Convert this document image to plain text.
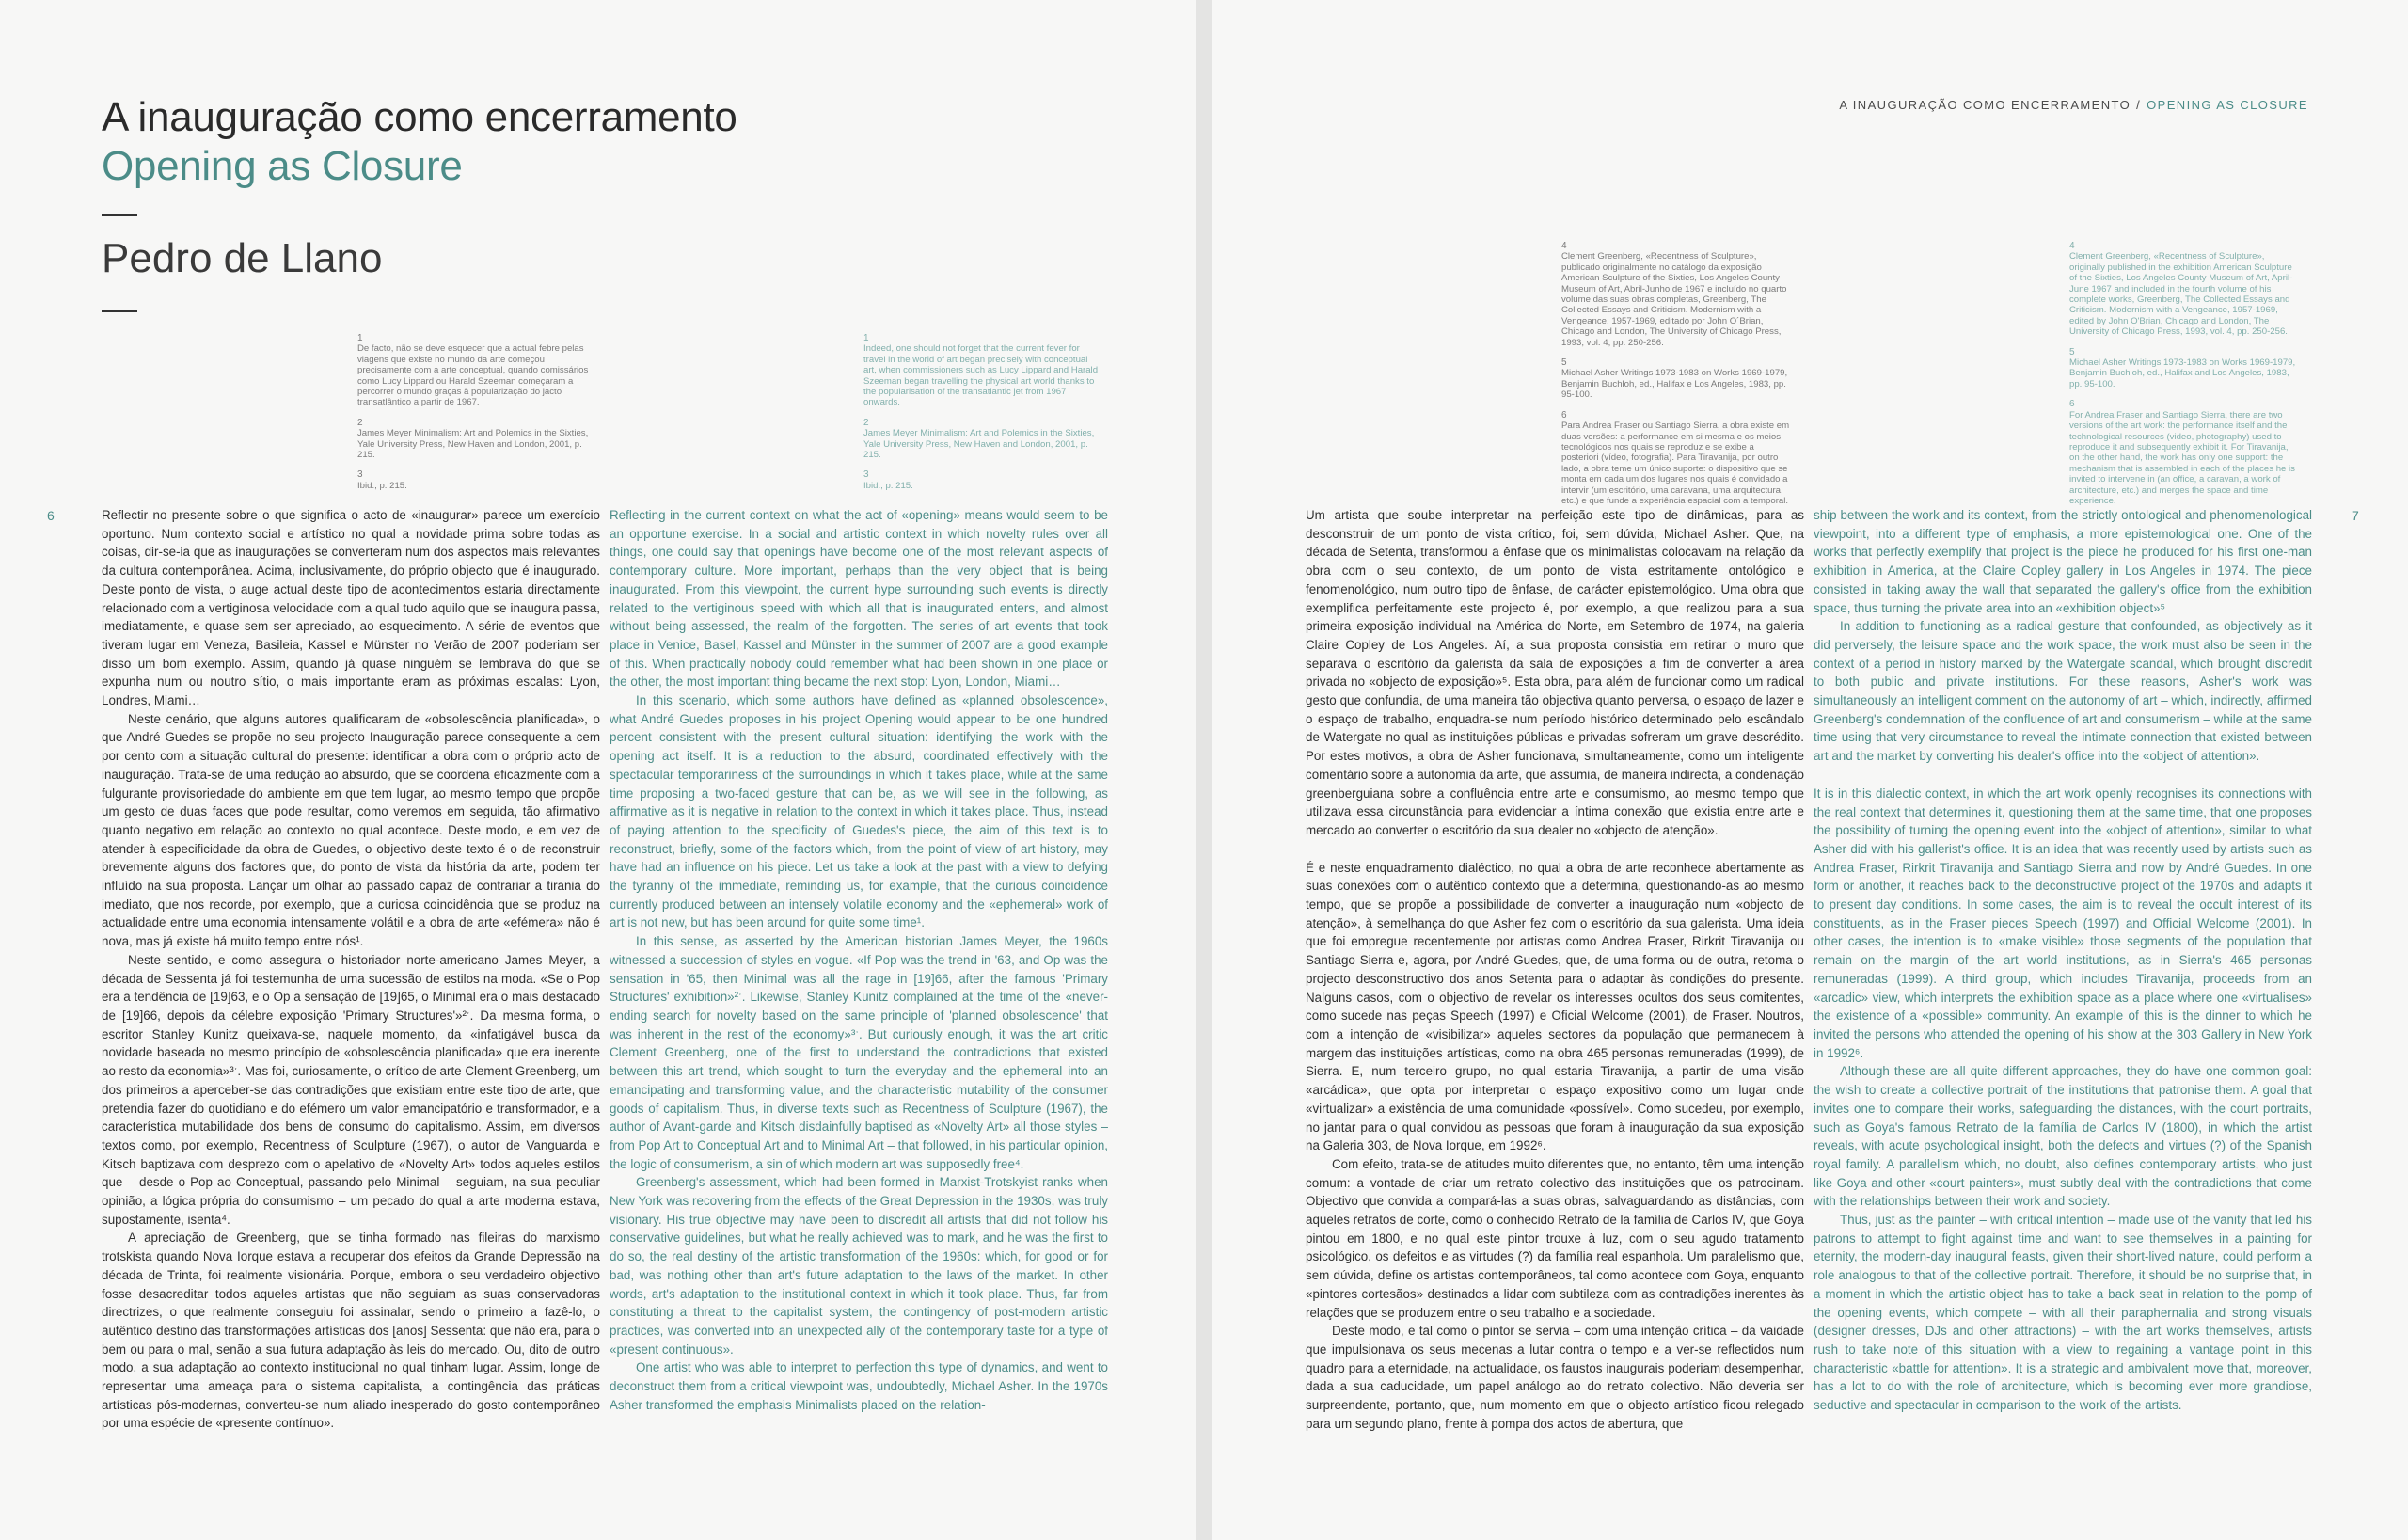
A inauguração como encerramento
Opening as Closure
Pedro de Llano
1
De facto, não se deve esquecer que a actual febre pelas viagens que existe no mundo da arte começou precisamente com a arte conceptual, quando comissários como Lucy Lippard ou Harald Szeeman começaram a percorrer o mundo graças à popularização do jacto transatlântico a partir de 1967.
2
James Meyer Minimalism: Art and Polemics in the Sixties, Yale University Press, New Haven and London, 2001, p. 215.
3
Ibid., p. 215.
1
Indeed, one should not forget that the current fever for travel in the world of art began precisely with conceptual art, when commissioners such as Lucy Lippard and Harald Szeeman began travelling the physical art world thanks to the popularisation of the transatlantic jet from 1967 onwards.
2
James Meyer Minimalism: Art and Polemics in the Sixties, Yale University Press, New Haven and London, 2001, p. 215.
3
Ibid., p. 215.
6	Reflectir no presente sobre o que significa o acto de «inaugurar» parece um exercício oportuno. Num contexto social e artístico no qual a novidade prima sobre todas as coisas, dir-se-ia que as inaugurações se converteram num dos aspectos mais relevantes da cultura contemporânea. Acima, inclusivamente, do próprio objecto que é inaugurado. Deste ponto de vista, o auge actual deste tipo de acontecimentos estaria directamente relacionado com a vertiginosa velocidade com a qual tudo aquilo que se inaugura passa, imediatamente, e quase sem ser apreciado, ao esquecimento. A série de eventos que tiveram lugar em Veneza, Basileia, Kassel e Münster no Verão de 2007 poderiam ser disso um bom exemplo. Assim, quando já quase ninguém se lembrava do que se expunha num ou noutro sítio, o mais importante eram as próximas escalas: Lyon, Londres, Miami…

Neste cenário, que alguns autores qualificaram de «obsolescência planificada», o que André Guedes se propõe no seu projecto Inauguração parece consequente a cem por cento com a situação cultural do presente: identificar a obra com o próprio acto de inauguração. Trata-se de uma redução ao absurdo, que se coordena eficazmente com a fulgurante provisoriedade do ambiente em que tem lugar, ao mesmo tempo que propõe um gesto de duas faces que pode resultar, como veremos em seguida, tão afirmativo quanto negativo em relação ao contexto no qual acontece. Deste modo, e em vez de atender à especificidade da obra de Guedes, o objectivo deste texto é o de reconstruir brevemente alguns dos factores que, do ponto de vista da história da arte, podem ter influído na sua proposta. Lançar um olhar ao passado capaz de contrariar a tirania do imediato, que nos recorde, por exemplo, que a curiosa coincidência que se produz na actualidade entre uma economia intensamente volátil e a obra de arte «efémera» não é nova, mas já existe há muito tempo entre nós¹.

Neste sentido, e como assegura o historiador norte-americano James Meyer, a década de Sessenta já foi testemunha de uma sucessão de estilos na moda. «Se o Pop era a tendência de [19]63, e o Op a sensação de [19]65, o Minimal era o mais destacado de [19]66, depois da célebre exposição 'Primary Structures'»²ˑ. Da mesma forma, o escritor Stanley Kunitz queixava-se, naquele momento, da «infatigável busca da novidade baseada no mesmo princípio de «obsolescência planificada» que era inerente ao resto da economia»³ˑ. Mas foi, curiosamente, o crítico de arte Clement Greenberg, um dos primeiros a aperceber-se das contradições que existiam entre este tipo de arte, que pretendia fazer do quotidiano e do efémero um valor emancipatório e transformador, e a característica mutabilidade dos bens de consumo do capitalismo. Assim, em diversos textos como, por exemplo, Recentness of Sculpture (1967), o autor de Vanguarda e Kitsch baptizava com desprezo com o apelativo de «Novelty Art» todos aqueles estilos que – desde o Pop ao Conceptual, passando pelo Minimal – seguiam, na sua peculiar opinião, a lógica própria do consumismo – um pecado do qual a arte moderna estava, supostamente, isenta⁴.

A apreciação de Greenberg, que se tinha formado nas fileiras do marxismo trotskista quando Nova Iorque estava a recuperar dos efeitos da Grande Depressão na década de Trinta, foi realmente visionária. Porque, embora o seu verdadeiro objectivo fosse desacreditar todos aqueles artistas que não seguiam as suas conservadoras directrizes, o que realmente conseguiu foi assinalar, sendo o primeiro a fazê-lo, o autêntico destino das transformações artísticas dos [anos] Sessenta: que não era, para o bem ou para o mal, senão a sua futura adaptação às leis do mercado. Ou, dito de outro modo, a sua adaptação ao contexto institucional no qual tinham lugar. Assim, longe de representar uma ameaça para o sistema capitalista, a contingência das práticas artísticas pós-modernas, converteu-se num aliado inesperado do gosto contemporâneo por uma espécie de «presente contínuo».

Reflecting in the current context on what the act of «opening» means would seem to be an opportune exercise. In a social and artistic context in which novelty rules over all things, one could say that openings have become one of the most relevant aspects of contemporary culture. More important, perhaps than the very object that is being inaugurated. From this viewpoint, the current hype surrounding such events is directly related to the vertiginous speed with which all that is inaugurated enters, and almost without being assessed, the realm of the forgotten. The series of art events that took place in Venice, Basel, Kassel and Münster in the summer of 2007 are a good example of this. When practically nobody could remember what had been shown in one place or the other, the most important thing became the next stop: Lyon, London, Miami…

In this scenario, which some authors have defined as «planned obsolescence», what André Guedes proposes in his project Opening would appear to be one hundred percent consistent with the present cultural situation: identifying the work with the opening act itself. It is a reduction to the absurd, coordinated effectively with the spectacular temporariness of the surroundings in which it takes place, while at the same time proposing a two-faced gesture that can be, as we will see in the following, as affirmative as it is negative in relation to the context in which it takes place. Thus, instead of paying attention to the specificity of Guedes's piece, the aim of this text is to reconstruct, briefly, some of the factors which, from the point of view of art history, may have had an influence on his piece. Let us take a look at the past with a view to defying the tyranny of the immediate, reminding us, for example, that the curious coincidence currently produced between an intensely volatile economy and the «ephemeral» work of art is not new, but has been around for quite some time¹.

In this sense, as asserted by the American historian James Meyer, the 1960s witnessed a succession of styles en vogue. «If Pop was the trend in '63, and Op was the sensation in '65, then Minimal was all the rage in [19]66, after the famous 'Primary Structures' exhibition»²ˑ. Likewise, Stanley Kunitz complained at the time of the «never-ending search for novelty based on the same principle of 'planned obsolescence' that was inherent in the rest of the economy»³ˑ. But curiously enough, it was the art critic Clement Greenberg, one of the first to understand the contradictions that existed between this art trend, which sought to turn the everyday and the ephemeral into an emancipating and transforming value, and the characteristic mutability of the consumer goods of capitalism. Thus, in diverse texts such as Recentness of Sculpture (1967), the author of Avant-garde and Kitsch disdainfully baptised as «Novelty Art» all those styles – from Pop Art to Conceptual Art and to Minimal Art – that followed, in his particular opinion, the logic of consumerism, a sin of which modern art was supposedly free⁴.

Greenberg's assessment, which had been formed in Marxist-Trotskyist ranks when New York was recovering from the effects of the Great Depression in the 1930s, was truly visionary. His true objective may have been to discredit all artists that did not follow his conservative guidelines, but what he really achieved was to mark, and he was the first to do so, the real destiny of the artistic transformation of the 1960s: which, for good or for bad, was nothing other than art's future adaptation to the laws of the market. In other words, art's adaptation to the institutional context in which it took place. Thus, far from constituting a threat to the capitalist system, the contingency of post-modern artistic practices, was converted into an unexpected ally of the contemporary taste for a type of «present continuous».

One artist who was able to interpret to perfection this type of dynamics, and went to deconstruct them from a critical viewpoint was, undoubtedly, Michael Asher. In the 1970s Asher transformed the emphasis Minimalists placed on the relation-

A INAUGURAÇÃO COMO ENCERRAMENTO / OPENING AS CLOSURE
4
Clement Greenberg, «Recentness of Sculpture», publicado originalmente no catálogo da exposição American Sculpture of the Sixties, Los Angeles County Museum of Art, Abril-Junho de 1967 e incluído no quarto volume das suas obras completas, Greenberg, The Collected Essays and Criticism. Modernism with a Vengeance, 1957-1969, editado por John O´Brian, Chicago and London, The University of Chicago Press, 1993, vol. 4, pp. 250-256.
5
Michael Asher Writings 1973-1983 on Works 1969-1979, Benjamin Buchloh, ed., Halifax e Los Angeles, 1983, pp. 95-100.
6
Para Andrea Fraser ou Santiago Sierra, a obra existe em duas versões: a performance em si mesma e os meios tecnológicos nos quais se reproduz e se exibe a posteriori (vídeo, fotografia). Para Tiravanija, por outro lado, a obra teme um único suporte: o dispositivo que se monta em cada um dos lugares nos quais é convidado a intervir (um escritório, uma caravana, uma arquitectura, etc.) e que funde a experiência espacial com a temporal.
4
Clement Greenberg, «Recentness of Sculpture», originally published in the exhibition American Sculpture of the Sixties, Los Angeles County Museum of Art, April-June 1967 and included in the fourth volume of his complete works, Greenberg, The Collected Essays and Criticism. Modernism with a Vengeance, 1957-1969, edited by John O'Brian, Chicago and London, The University of Chicago Press, 1993, vol. 4, pp. 250-256.
5
Michael Asher Writings 1973-1983 on Works 1969-1979, Benjamin Buchloh, ed., Halifax and Los Angeles, 1983, pp. 95-100.
6
For Andrea Fraser and Santiago Sierra, there are two versions of the art work: the performance itself and the technological resources (video, photography) used to reproduce it and subsequently exhibit it. For Tiravanija, on the other hand, the work has only one support: the mechanism that is assembled in each of the places he is invited to intervene in (an office, a caravan, a work of architecture, etc.) and merges the space and time experience.
7

Um artista que soube interpretar na perfeição este tipo de dinâmicas, para as desconstruir de um ponto de vista crítico, foi, sem dúvida, Michael Asher. Que, na década de Setenta, transformou a ênfase que os minimalistas colocavam na relação da obra com o seu contexto, de um ponto de vista estritamente ontológico e fenomenológico, num outro tipo de ênfase, de carácter epistemológico. Uma obra que exemplifica perfeitamente este projecto é, por exemplo, a que realizou para a sua primeira exposição individual na América do Norte, em Setembro de 1974, na galeria Claire Copley de Los Angeles. Aí, a sua proposta consistia em retirar o muro que separava o escritório da galerista da sala de exposições a fim de converter a área privada no «objecto de exposição»⁵. Esta obra, para além de funcionar como um radical gesto que confundia, de uma maneira tão objectiva quanto perversa, o espaço de lazer e o espaço de trabalho, enquadra-se num período histórico determinado pelo escândalo de Watergate no qual as instituições públicas e privadas sofreram um grave descrédito. Por estes motivos, a obra de Asher funcionava, simultaneamente, como um inteligente comentário sobre a autonomia da arte, que assumia, de maneira indirecta, a condenação greenberguiana sobre a confluência entre arte e consumismo, ao mesmo tempo que utilizava essa circunstância para evidenciar a íntima conexão que existia entre arte e mercado ao converter o escritório da sua dealer no «objecto de atenção».

É e neste enquadramento dialéctico, no qual a obra de arte reconhece abertamente as suas conexões com o autêntico contexto que a determina, questionando-as ao mesmo tempo, que se propõe a possibilidade de converter a inauguração num «objecto de atenção», à semelhança do que Asher fez com o escritório da sua galerista. Uma ideia que foi empregue recentemente por artistas como Andrea Fraser, Rirkrit Tiravanija ou Santiago Sierra e, agora, por André Guedes, que, de uma forma ou de outra, retoma o projecto desconstructivo dos anos Setenta para o adaptar às condições do presente. Nalguns casos, com o objectivo de revelar os interesses ocultos dos seus comitentes, como sucede nas peças Speech (1997) e Oficial Welcome (2001), de Fraser. Noutros, com a intenção de «visibilizar» aqueles sectores da população que permanecem à margem das instituições artísticas, como na obra 465 personas remuneradas (1999), de Sierra. E, num terceiro grupo, no qual estaria Tiravanija, a partir de uma visão «arcádica», que opta por interpretar o espaço expositivo como um lugar onde «virtualizar» a existência de uma comunidade «possível». Como sucedeu, por exemplo, no jantar para o qual convidou as pessoas que foram à inauguração da sua exposição na Galeria 303, de Nova Iorque, em 1992⁶.

Com efeito, trata-se de atitudes muito diferentes que, no entanto, têm uma intenção comum: a vontade de criar um retrato colectivo das instituições que os patrocinam. Objectivo que convida a compará-las a suas obras, salvaguardando as distâncias, com aqueles retratos de corte, como o conhecido Retrato de la família de Carlos IV, que Goya pintou em 1800, e no qual este pintor trouxe à luz, com o seu agudo tratamento psicológico, os defeitos e as virtudes (?) da família real espanhola. Um paralelismo que, sem dúvida, define os artistas contemporâneos, tal como acontece com Goya, enquanto «pintores cortesãos» destinados a lidar com subtileza com as contradições inerentes às relações que se produzem entre o seu trabalho e a sociedade.

Deste modo, e tal como o pintor se servia – com uma intenção crítica – da vaidade que impulsionava os seus mecenas a lutar contra o tempo e a ver-se reflectidos num quadro para a eternidade, na actualidade, os faustos inaugurais poderiam desempenhar, dada a sua caducidade, um papel análogo ao do retrato colectivo. Não deveria ser surpreendente, portanto, que, num momento em que o objecto artístico ficou relegado para um segundo plano, frente à pompa dos actos de abertura, que

ship between the work and its context, from the strictly ontological and phenomenological viewpoint, into a different type of emphasis, a more epistemological one. One of the works that perfectly exemplify that project is the piece he produced for his first one-man exhibition in America, at the Claire Copley gallery in Los Angeles in 1974. The piece consisted in taking away the wall that separated the gallery's office from the exhibition space, thus turning the private area into an «exhibition object»⁵

In addition to functioning as a radical gesture that confounded, as objectively as it did perversely, the leisure space and the work space, the work must also be seen in the context of a period in history marked by the Watergate scandal, which brought discredit to both public and private institutions. For these reasons, Asher's work was simultaneously an intelligent comment on the autonomy of art – which, indirectly, affirmed Greenberg's condemnation of the confluence of art and consumerism – while at the same time using that very circumstance to reveal the intimate connection that existed between art and the market by converting his dealer's office into the «object of attention».

It is in this dialectic context, in which the art work openly recognises its connections with the real context that determines it, questioning them at the same time, that one proposes the possibility of turning the opening event into the «object of attention», similar to what Asher did with his gallerist's office. It is an idea that was recently used by artists such as Andrea Fraser, Rirkrit Tiravanija and Santiago Sierra and now by André Guedes. In one form or another, it reaches back to the deconstructive project of the 1970s and adapts it to present day conditions. In some cases, the aim is to reveal the occult interest of its constituents, as in the Fraser pieces Speech (1997) and Official Welcome (2001). In other cases, the intention is to «make visible» those segments of the population that remain on the margin of the art world institutions, as in Sierra's 465 personas remuneradas (1999). A third group, which includes Tiravanija, proceeds from an «arcadic» view, which interprets the exhibition space as a place where one «virtualises» the existence of a «possible» community. An example of this is the dinner to which he invited the persons who attended the opening of his show at the 303 Gallery in New York in 1992⁶.

Although these are all quite different approaches, they do have one common goal: the wish to create a collective portrait of the institutions that patronise them. A goal that invites one to compare their works, safeguarding the distances, with the court portraits, such as Goya's famous Retrato de la família de Carlos IV (1800), in which the artist reveals, with acute psychological insight, both the defects and virtues (?) of the Spanish royal family. A parallelism which, no doubt, also defines contemporary artists, who just like Goya and other «court painters», must subtly deal with the contradictions that come with the relationships between their work and society.

Thus, just as the painter – with critical intention – made use of the vanity that led his patrons to attempt to fight against time and want to see themselves in a painting for eternity, the modern-day inaugural feasts, given their short-lived nature, could perform a role analogous to that of the collective portrait. Therefore, it should be no surprise that, in a moment in which the artistic object has to take a back seat in relation to the pomp of the opening events, which compete – with all their paraphernalia and strong visuals (designer dresses, DJs and other attractions) – with the art works themselves, artists rush to take note of this situation with a view to regaining a vantage point in this characteristic «battle for attention». It is a strategic and ambivalent move that, moreover, has a lot to do with the role of architecture, which is becoming ever more grandiose, seductive and spectacular in comparison to the work of the artists.
